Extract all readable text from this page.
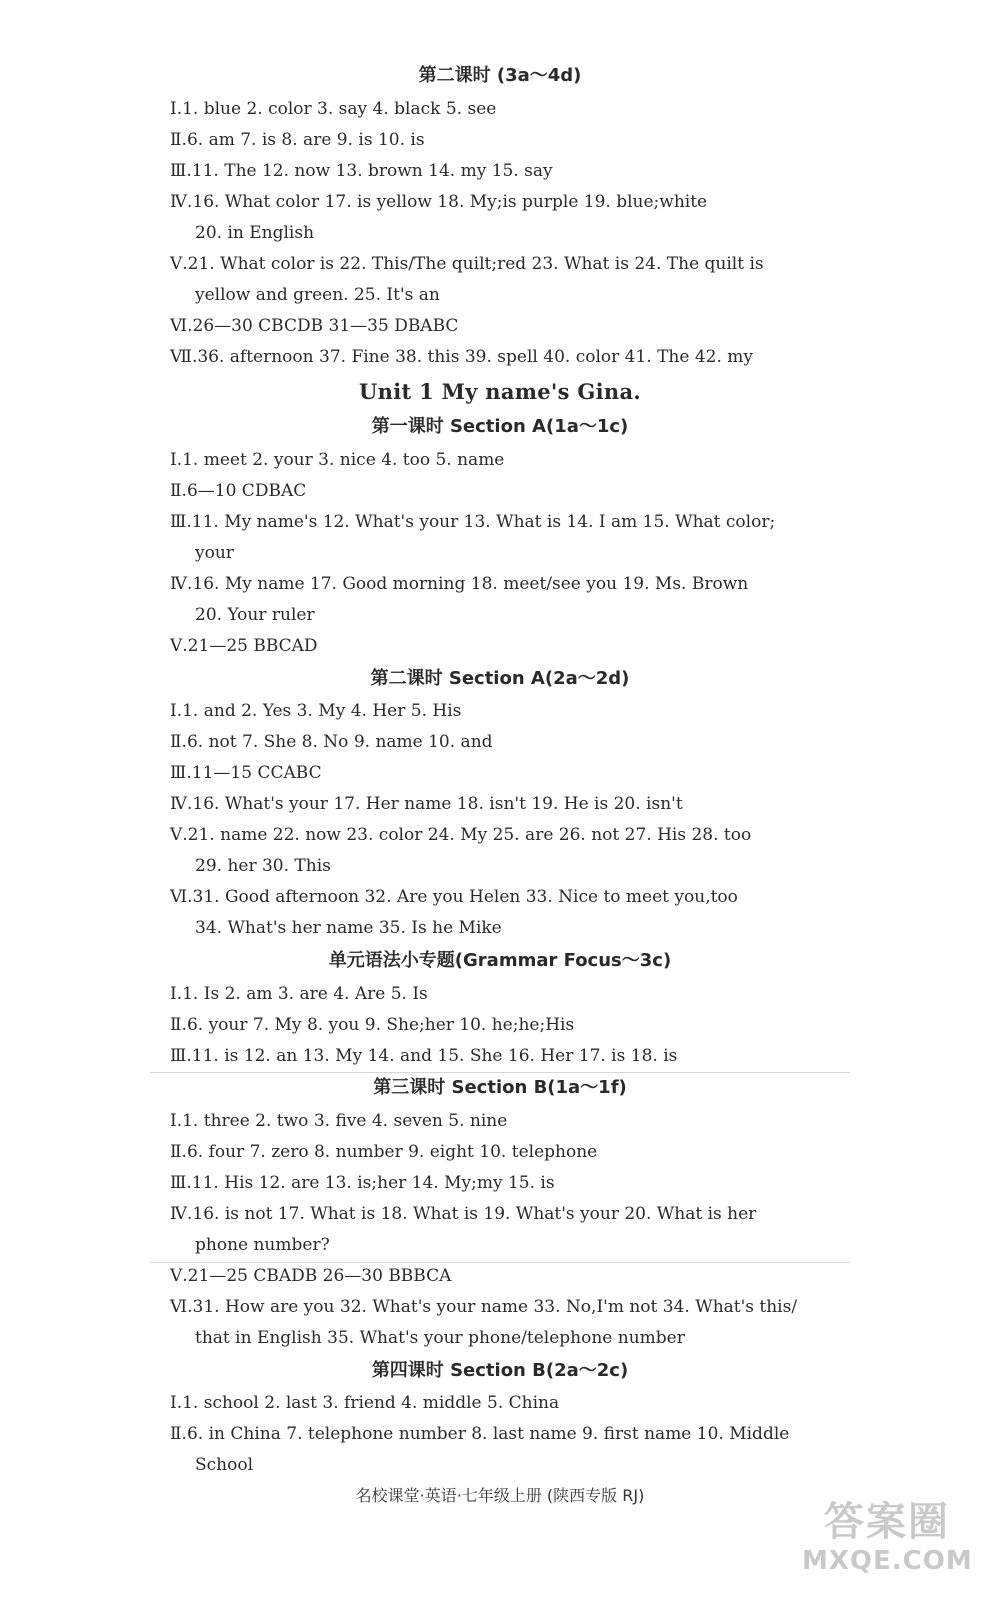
第二课时 (3a～4d)
Ⅰ.1. blue 2. color 3. say 4. black 5. see
Ⅱ.6. am 7. is 8. are 9. is 10. is
Ⅲ.11. The 12. now 13. brown 14. my 15. say
Ⅳ.16. What color 17. is yellow 18. My;is purple 19. blue;white
20. in English
Ⅴ.21. What color is 22. This/The quilt;red 23. What is 24. The quilt is
yellow and green. 25. It's an
Ⅵ.26—30 CBCDB 31—35 DBABC
Ⅶ.36. afternoon 37. Fine 38. this 39. spell 40. color 41. The 42. my
Unit 1 My name's Gina.
第一课时 Section A(1a～1c)
Ⅰ.1. meet 2. your 3. nice 4. too 5. name
Ⅱ.6—10 CDBAC
Ⅲ.11. My name's 12. What's your 13. What is 14. I am 15. What color;
your
Ⅳ.16. My name 17. Good morning 18. meet/see you 19. Ms. Brown
20. Your ruler
Ⅴ.21—25 BBCAD
第二课时 Section A(2a～2d)
Ⅰ.1. and 2. Yes 3. My 4. Her 5. His
Ⅱ.6. not 7. She 8. No 9. name 10. and
Ⅲ.11—15 CCABC
Ⅳ.16. What's your 17. Her name 18. isn't 19. He is 20. isn't
Ⅴ.21. name 22. now 23. color 24. My 25. are 26. not 27. His 28. too
29. her 30. This
Ⅵ.31. Good afternoon 32. Are you Helen 33. Nice to meet you,too
34. What's her name 35. Is he Mike
单元语法小专题(Grammar Focus～3c)
Ⅰ.1. Is 2. am 3. are 4. Are 5. Is
Ⅱ.6. your 7. My 8. you 9. She;her 10. he;he;His
Ⅲ.11. is 12. an 13. My 14. and 15. She 16. Her 17. is 18. is
第三课时 Section B(1a～1f)
Ⅰ.1. three 2. two 3. five 4. seven 5. nine
Ⅱ.6. four 7. zero 8. number 9. eight 10. telephone
Ⅲ.11. His 12. are 13. is;her 14. My;my 15. is
Ⅳ.16. is not 17. What is 18. What is 19. What's your 20. What is her
phone number?
Ⅴ.21—25 CBADB 26—30 BBBCA
Ⅵ.31. How are you 32. What's your name 33. No,I'm not 34. What's this/
that in English 35. What's your phone/telephone number
第四课时 Section B(2a～2c)
Ⅰ.1. school 2. last 3. friend 4. middle 5. China
Ⅱ.6. in China 7. telephone number 8. last name 9. first name 10. Middle
School
名校课堂·英语·七年级上册 (陕西专版 RJ)
答案圈
MXQE.COM
